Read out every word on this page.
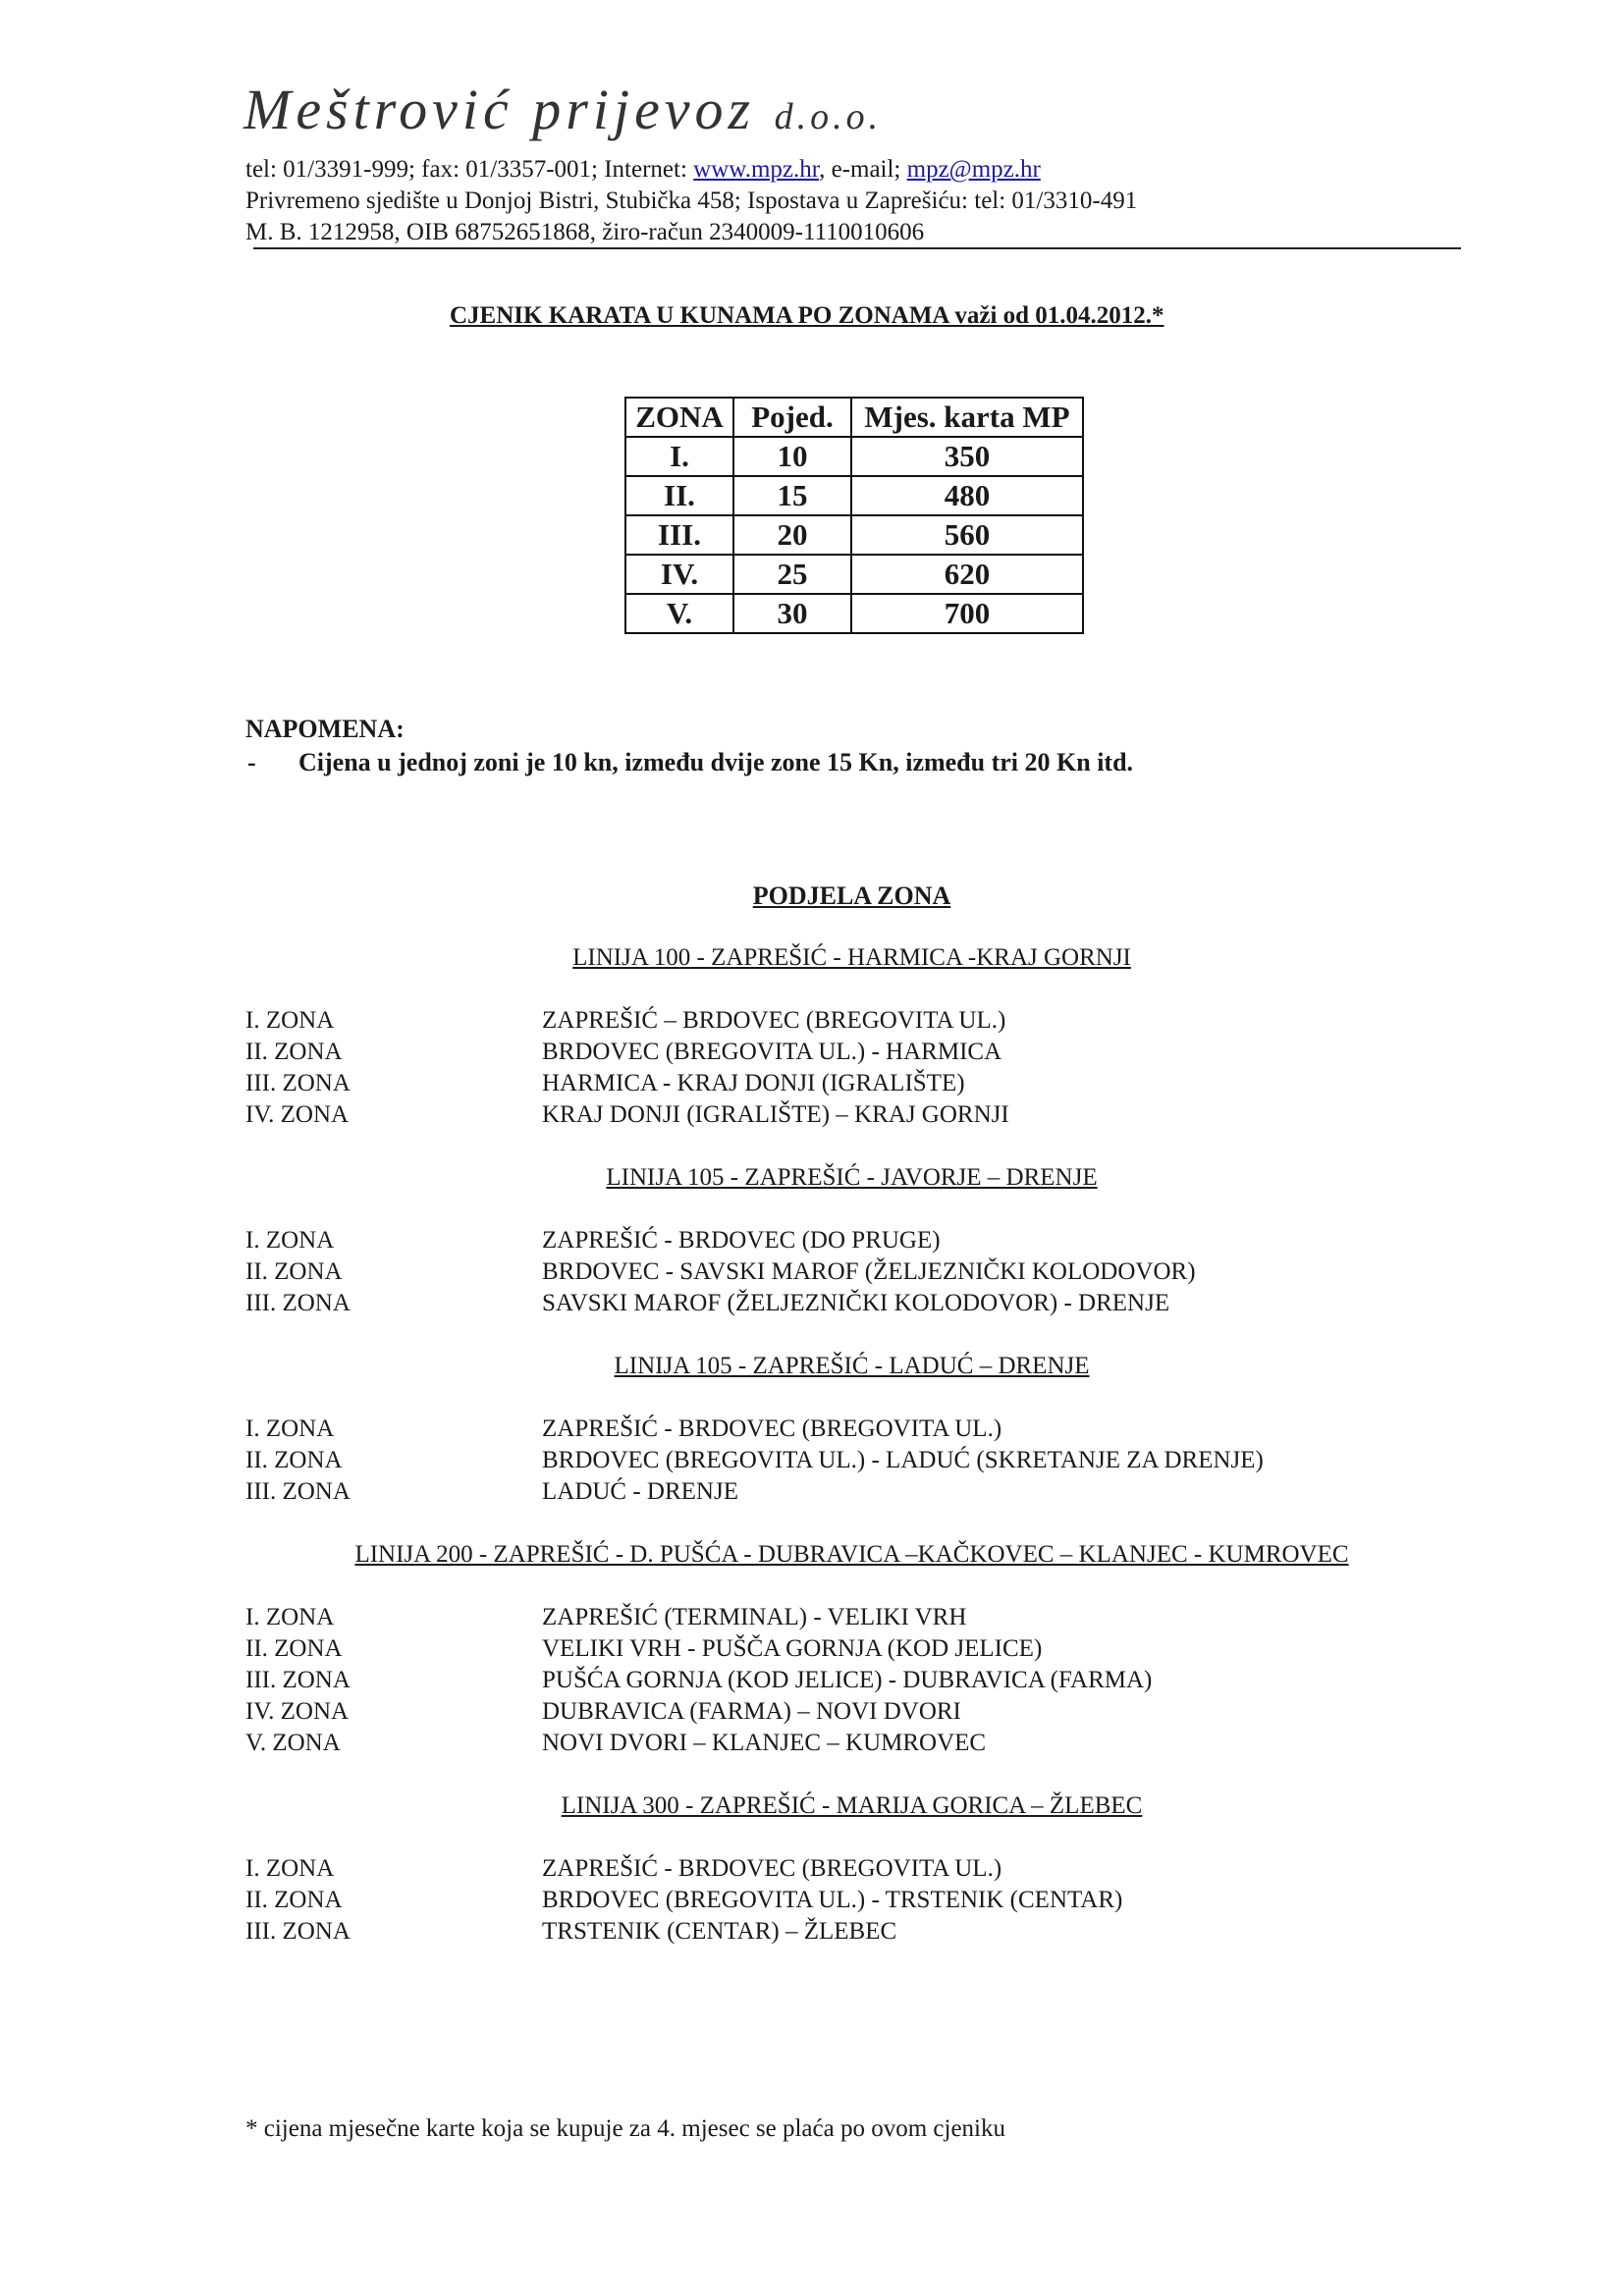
Meštrović prijevoz d.o.o.
tel: 01/3391-999; fax: 01/3357-001; Internet: www.mpz.hr, e-mail; mpz@mpz.hr
Privremeno sjedište u Donjoj Bistri, Stubička 458; Ispostava u Zaprešiću: tel: 01/3310-491
M. B. 1212958, OIB 68752651868, žiro-račun 2340009-1110010606
CJENIK KARATA U KUNAMA PO ZONAMA važi od 01.04.2012.*
ZONA	Pojed.	Mjes. karta MP
I.	10	350
II.	15	480
III.	20	560
IV.	25	620
V.	30	700
NAPOMENA:
- Cijena u jednoj zoni je 10 kn, između dvije zone 15 Kn, između tri 20 Kn itd.
PODJELA ZONA
LINIJA 100 - ZAPREŠIĆ - HARMICA -KRAJ GORNJI
I. ZONA	ZAPREŠIĆ – BRDOVEC (BREGOVITA UL.)
II. ZONA	BRDOVEC (BREGOVITA UL.) - HARMICA
III. ZONA	HARMICA - KRAJ DONJI (IGRALIŠTE)
IV. ZONA	KRAJ DONJI (IGRALIŠTE) – KRAJ GORNJI
LINIJA 105 - ZAPREŠIĆ - JAVORJE – DRENJE
I. ZONA	ZAPREŠIĆ - BRDOVEC (DO PRUGE)
II. ZONA	BRDOVEC - SAVSKI MAROF (ŽELJEZNIČKI KOLODOVOR)
III. ZONA	SAVSKI MAROF (ŽELJEZNIČKI KOLODOVOR) - DRENJE
LINIJA 105 - ZAPREŠIĆ - LADUĆ – DRENJE
I. ZONA	ZAPREŠIĆ - BRDOVEC (BREGOVITA UL.)
II. ZONA	BRDOVEC (BREGOVITA UL.) - LADUĆ (SKRETANJE ZA DRENJE)
III. ZONA	LADUĆ - DRENJE
LINIJA 200 - ZAPREŠIĆ - D. PUŠĆA - DUBRAVICA –KAČKOVEC – KLANJEC - KUMROVEC
I. ZONA	ZAPREŠIĆ (TERMINAL) - VELIKI VRH
II. ZONA	VELIKI VRH - PUŠČA GORNJA (KOD JELICE)
III. ZONA	PUŠĆA GORNJA (KOD JELICE) - DUBRAVICA (FARMA)
IV. ZONA	DUBRAVICA (FARMA) – NOVI DVORI
V. ZONA	NOVI DVORI – KLANJEC – KUMROVEC
LINIJA 300 - ZAPREŠIĆ - MARIJA GORICA – ŽLEBEC
I. ZONA	ZAPREŠIĆ - BRDOVEC (BREGOVITA UL.)
II. ZONA	BRDOVEC (BREGOVITA UL.) - TRSTENIK (CENTAR)
III. ZONA	TRSTENIK (CENTAR) – ŽLEBEC
* cijena mjesečne karte koja se kupuje za 4. mjesec se plaća po ovom cjeniku
